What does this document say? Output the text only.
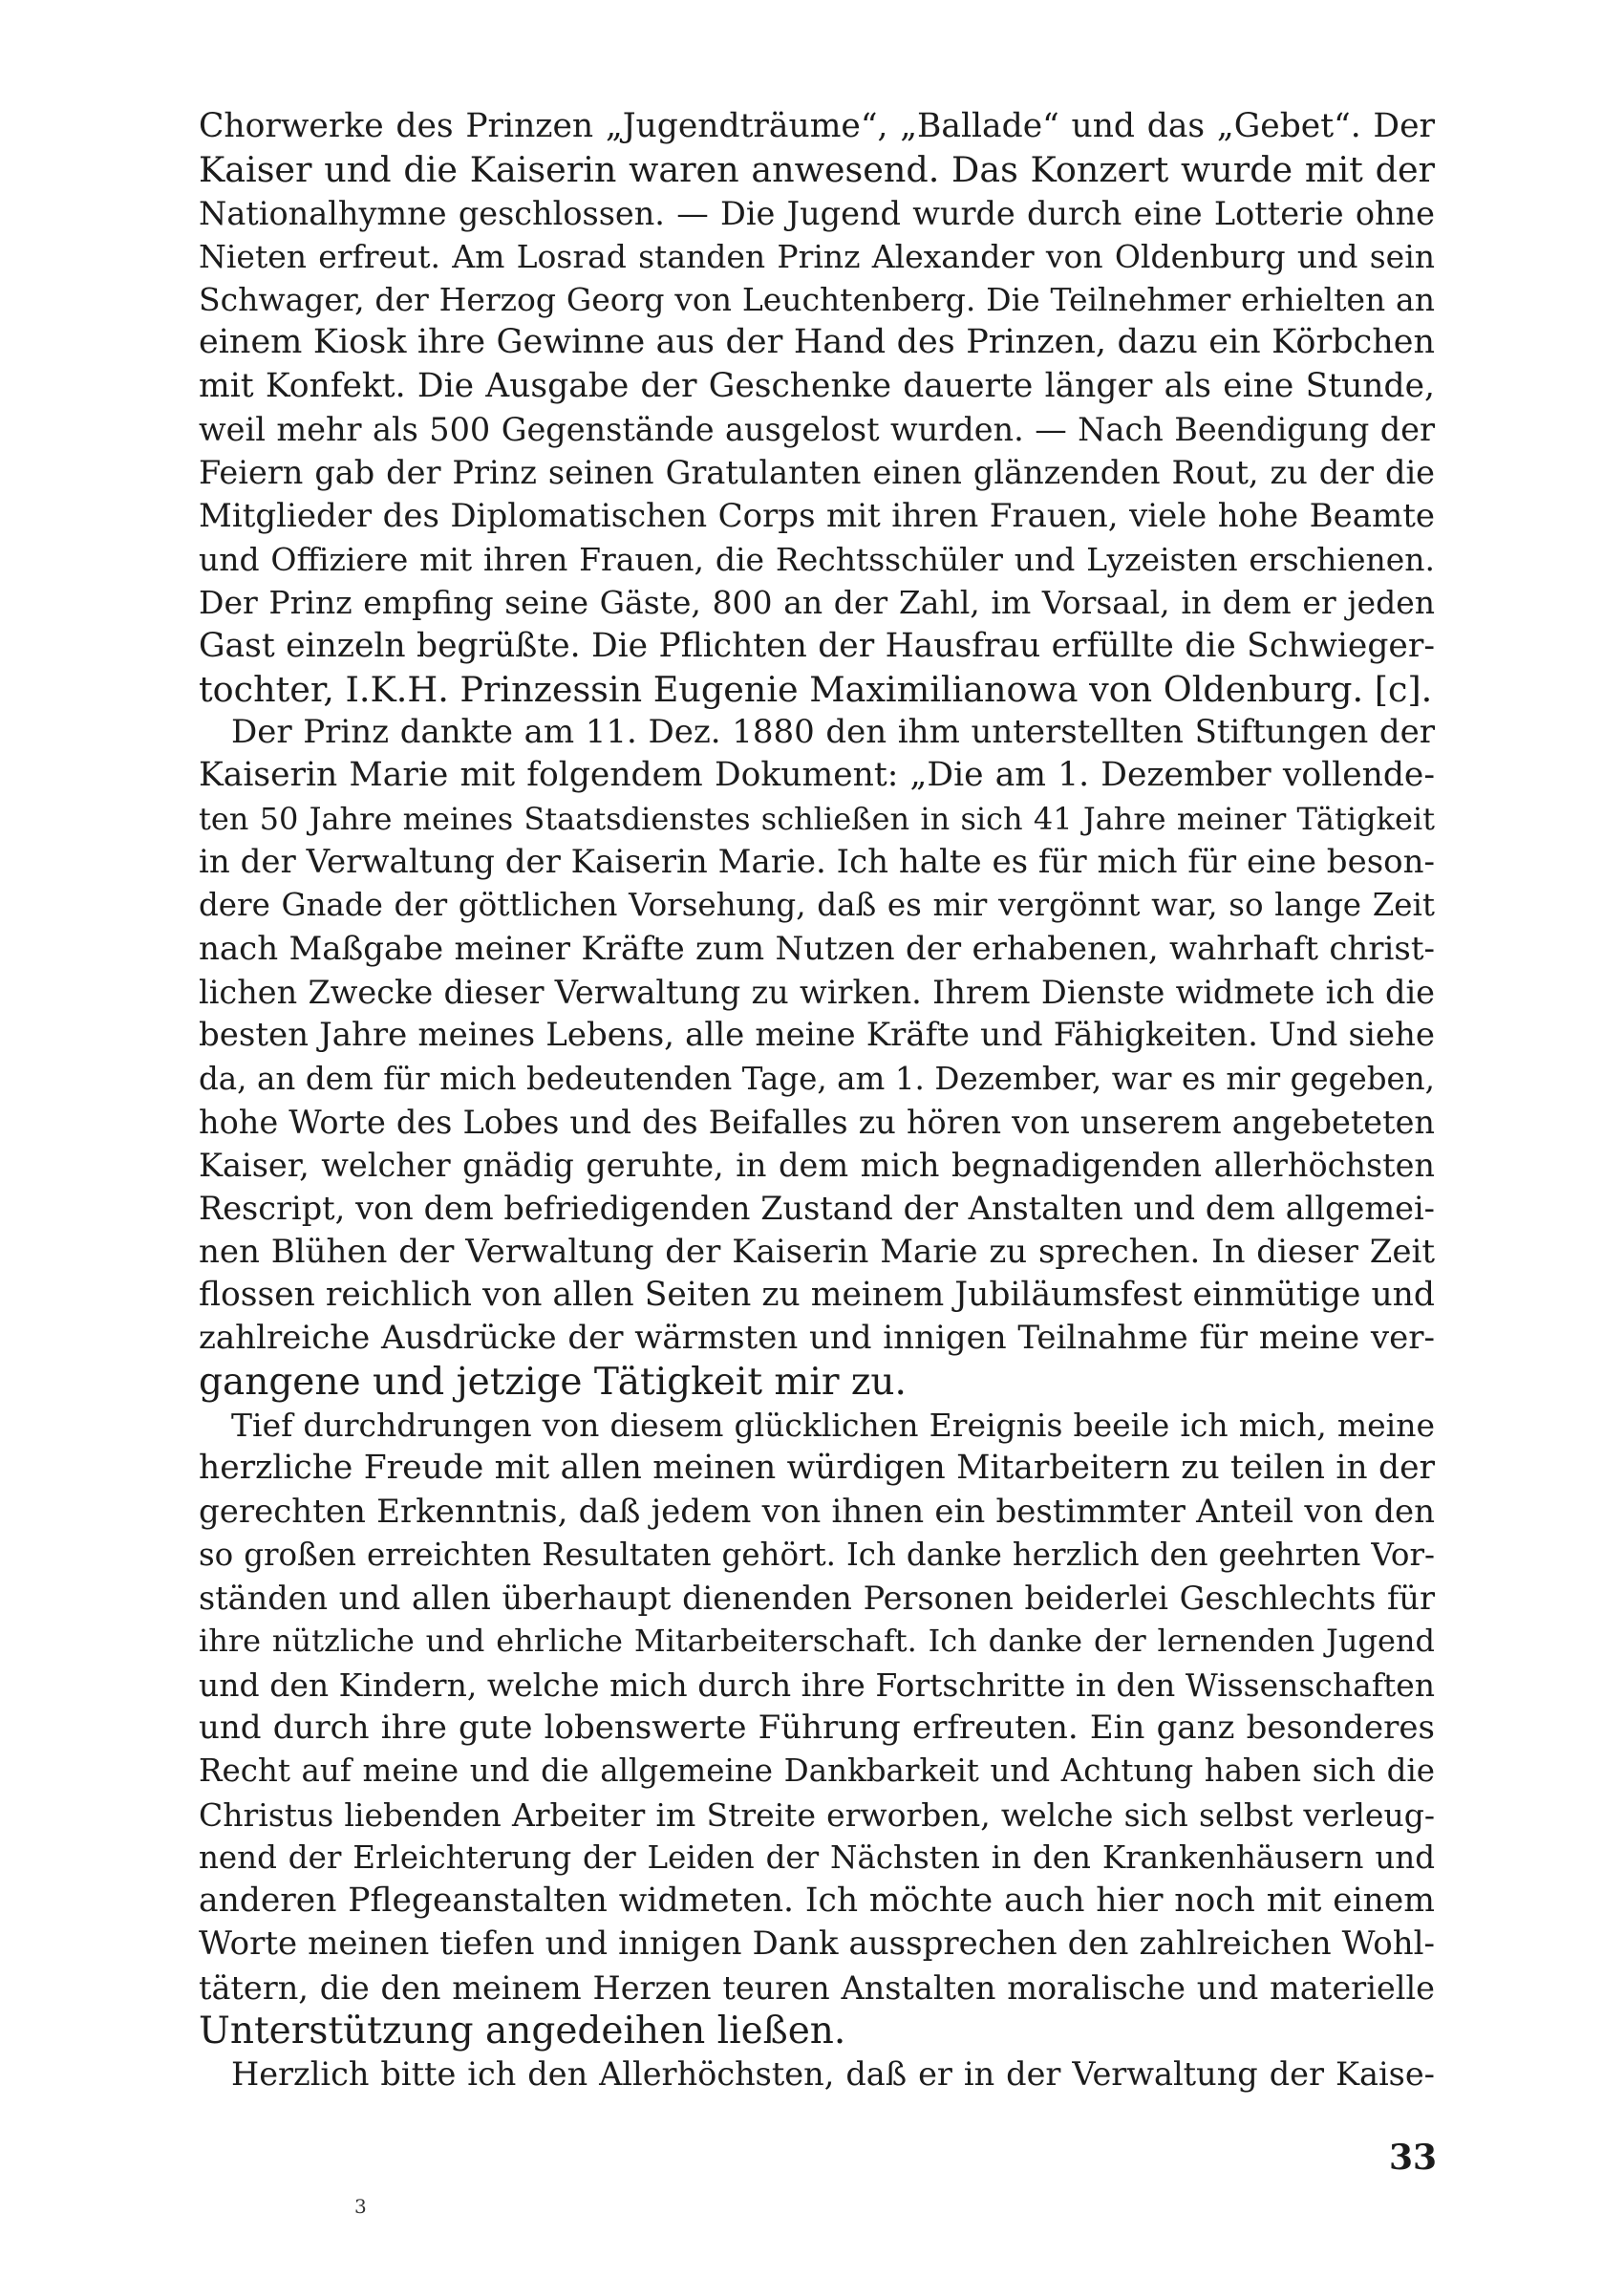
Chorwerke des Prinzen „Jugendträume“, „Ballade“ und das „Gebet“. Der
Kaiser und die Kaiserin waren anwesend. Das Konzert wurde mit der
Nationalhymne geschlossen. — Die Jugend wurde durch eine Lotterie ohne
Nieten erfreut. Am Losrad standen Prinz Alexander von Oldenburg und sein
Schwager, der Herzog Georg von Leuchtenberg. Die Teilnehmer erhielten an
einem Kiosk ihre Gewinne aus der Hand des Prinzen, dazu ein Körbchen
mit Konfekt. Die Ausgabe der Geschenke dauerte länger als eine Stunde,
weil mehr als 500 Gegenstände ausgelost wurden. — Nach Beendigung der
Feiern gab der Prinz seinen Gratulanten einen glänzenden Rout, zu der die
Mitglieder des Diplomatischen Corps mit ihren Frauen, viele hohe Beamte
und Offiziere mit ihren Frauen, die Rechtsschüler und Lyzeisten erschienen.
Der Prinz empfing seine Gäste, 800 an der Zahl, im Vorsaal, in dem er jeden
Gast einzeln begrüßte. Die Pflichten der Hausfrau erfüllte die Schwieger-
tochter, I.K.H. Prinzessin Eugenie Maximilianowa von Oldenburg. [c].
Der Prinz dankte am 11. Dez. 1880 den ihm unterstellten Stiftungen der
Kaiserin Marie mit folgendem Dokument: „Die am 1. Dezember vollende-
ten 50 Jahre meines Staatsdienstes schließen in sich 41 Jahre meiner Tätigkeit
in der Verwaltung der Kaiserin Marie. Ich halte es für mich für eine beson-
dere Gnade der göttlichen Vorsehung, daß es mir vergönnt war, so lange Zeit
nach Maßgabe meiner Kräfte zum Nutzen der erhabenen, wahrhaft christ-
lichen Zwecke dieser Verwaltung zu wirken. Ihrem Dienste widmete ich die
besten Jahre meines Lebens, alle meine Kräfte und Fähigkeiten. Und siehe
da, an dem für mich bedeutenden Tage, am 1. Dezember, war es mir gegeben,
hohe Worte des Lobes und des Beifalles zu hören von unserem angebeteten
Kaiser, welcher gnädig geruhte, in dem mich begnadigenden allerhöchsten
Rescript, von dem befriedigenden Zustand der Anstalten und dem allgemei-
nen Blühen der Verwaltung der Kaiserin Marie zu sprechen. In dieser Zeit
flossen reichlich von allen Seiten zu meinem Jubiläumsfest einmütige und
zahlreiche Ausdrücke der wärmsten und innigen Teilnahme für meine ver-
gangene und jetzige Tätigkeit mir zu.
Tief durchdrungen von diesem glücklichen Ereignis beeile ich mich, meine
herzliche Freude mit allen meinen würdigen Mitarbeitern zu teilen in der
gerechten Erkenntnis, daß jedem von ihnen ein bestimmter Anteil von den
so großen erreichten Resultaten gehört. Ich danke herzlich den geehrten Vor-
ständen und allen überhaupt dienenden Personen beiderlei Geschlechts für
ihre nützliche und ehrliche Mitarbeiterschaft. Ich danke der lernenden Jugend
und den Kindern, welche mich durch ihre Fortschritte in den Wissenschaften
und durch ihre gute lobenswerte Führung erfreuten. Ein ganz besonderes
Recht auf meine und die allgemeine Dankbarkeit und Achtung haben sich die
Christus liebenden Arbeiter im Streite erworben, welche sich selbst verleug-
nend der Erleichterung der Leiden der Nächsten in den Krankenhäusern und
anderen Pflegeanstalten widmeten. Ich möchte auch hier noch mit einem
Worte meinen tiefen und innigen Dank aussprechen den zahlreichen Wohl-
tätern, die den meinem Herzen teuren Anstalten moralische und materielle
Unterstützung angedeihen ließen.
Herzlich bitte ich den Allerhöchsten, daß er in der Verwaltung der Kaise-
33
3
